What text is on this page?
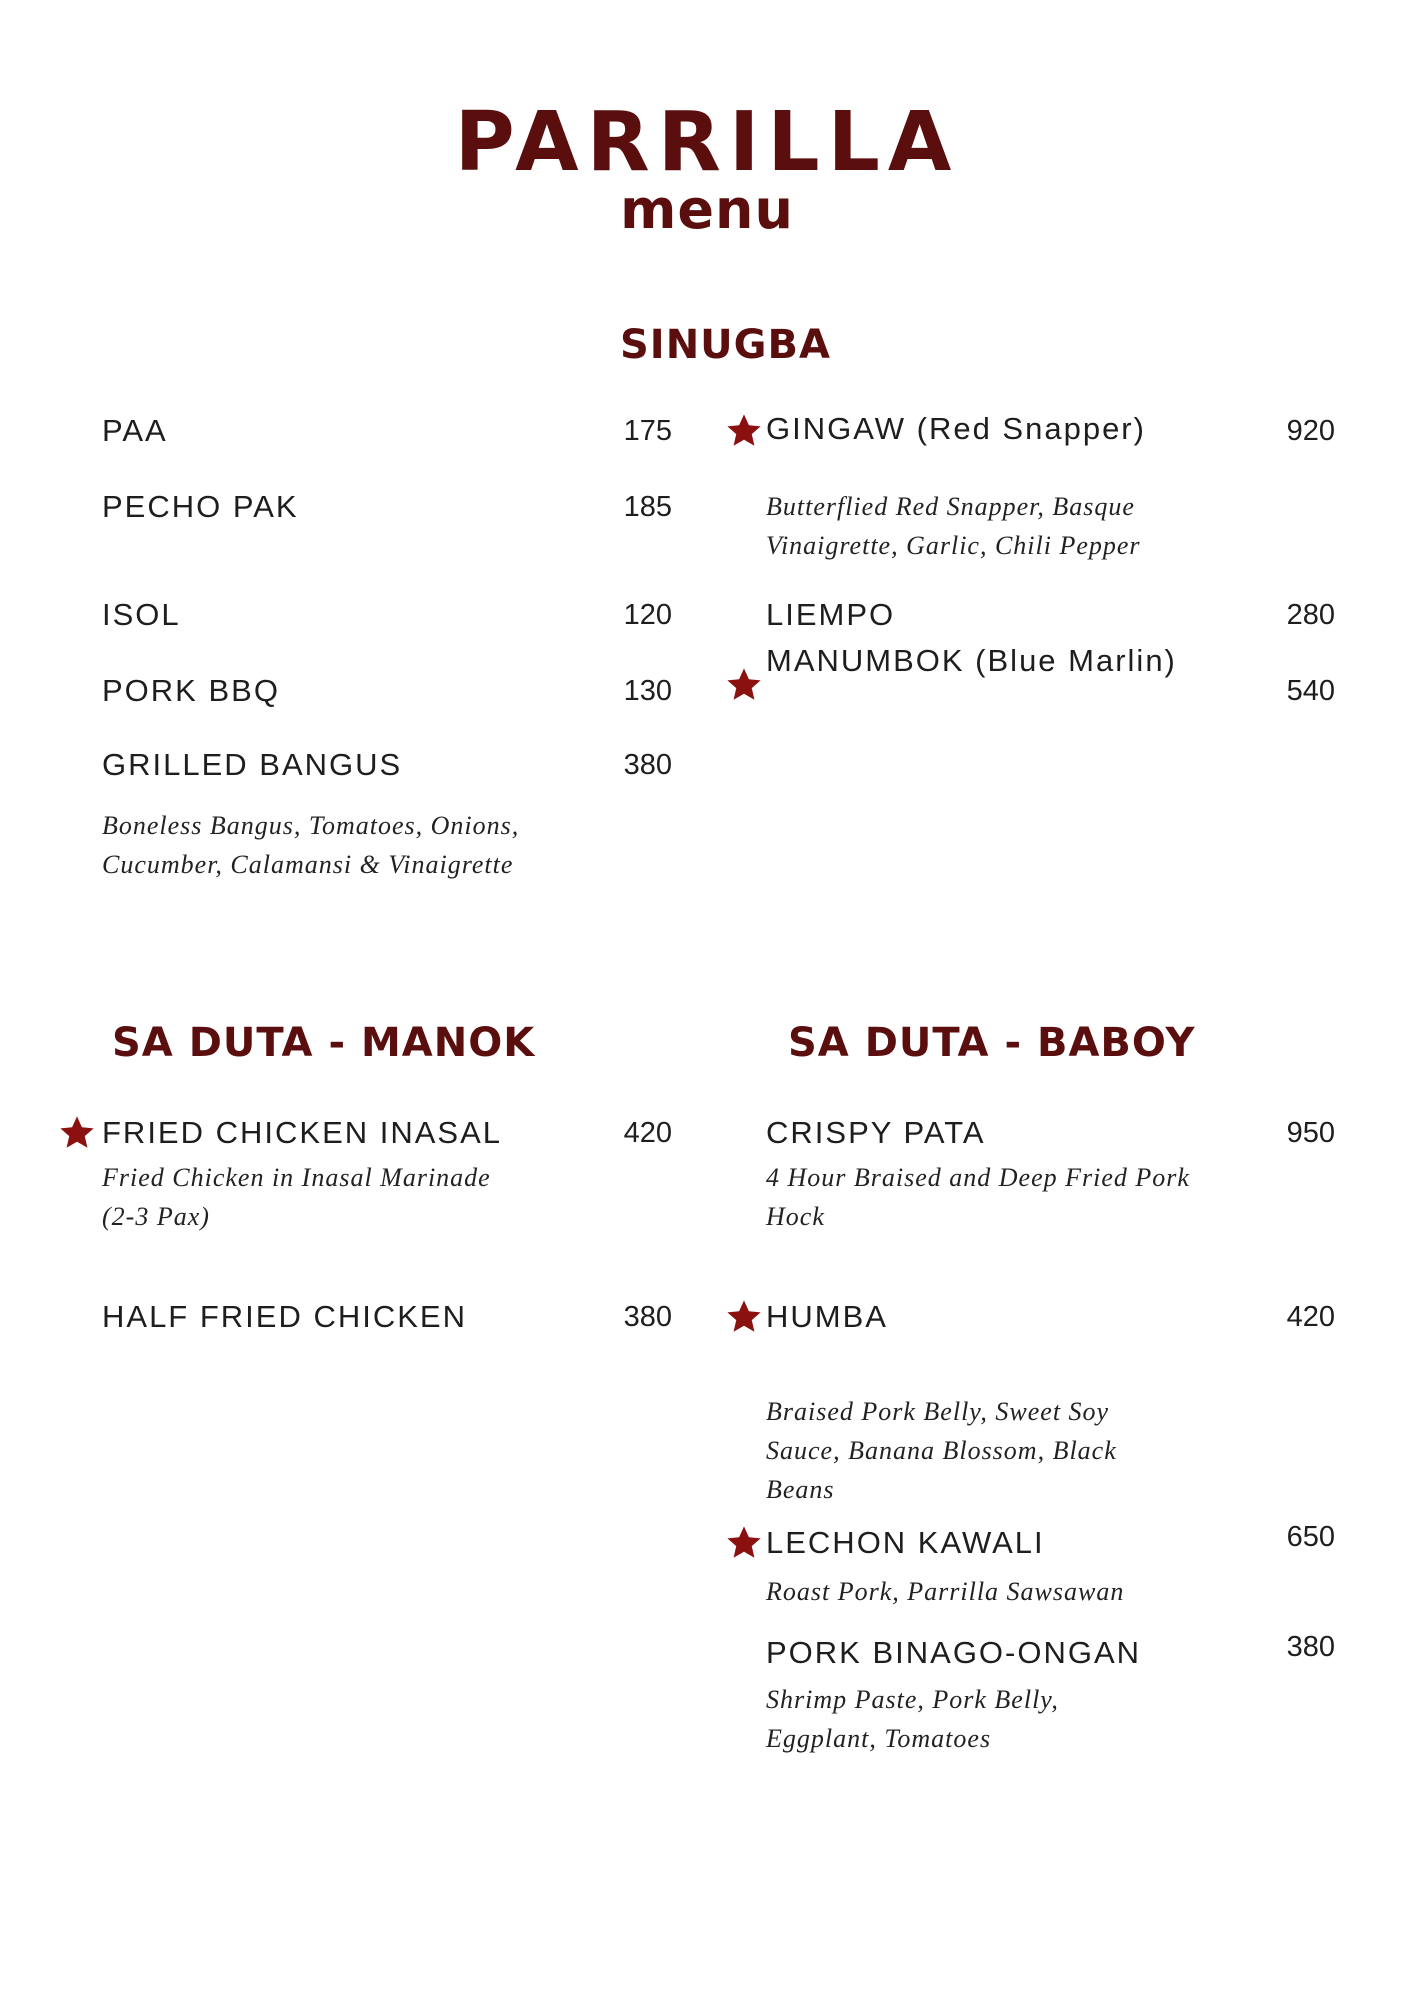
PARRILLA
menu
SINUGBA
PAA	175
PECHO PAK	185
ISOL	120
PORK BBQ	130
GRILLED BANGUS	380
Boneless Bangus, Tomatoes, Onions, Cucumber, Calamansi & Vinaigrette
GINGAW (Red Snapper)	920
Butterflied Red Snapper, Basque Vinaigrette, Garlic, Chili Pepper
LIEMPO	280
MANUMBOK (Blue Marlin)
540
SA DUTA - MANOK
FRIED CHICKEN INASAL	420
Fried Chicken in Inasal Marinade (2-3 Pax)
HALF FRIED CHICKEN	380
SA DUTA - BABOY
CRISPY PATA	950
4 Hour Braised and Deep Fried Pork Hock
HUMBA	420
Braised Pork Belly, Sweet Soy Sauce, Banana Blossom, Black Beans
LECHON KAWALI	650
Roast Pork, Parrilla Sawsawan
PORK BINAGO-ONGAN	380
Shrimp Paste, Pork Belly, Eggplant, Tomatoes
